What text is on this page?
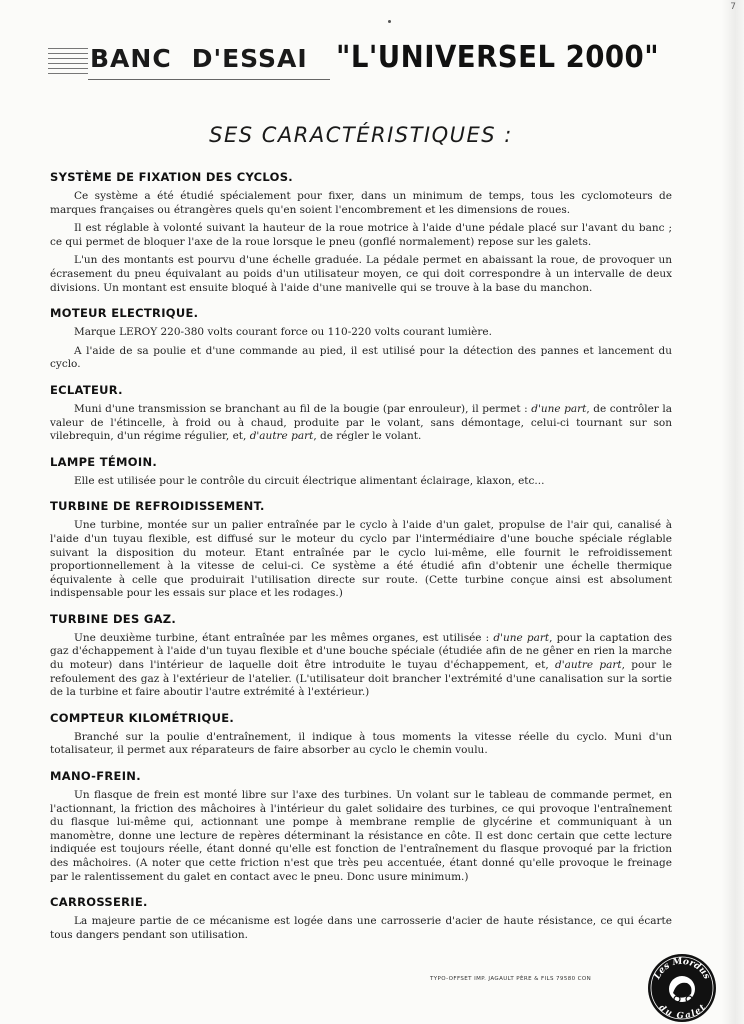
7
BANC D'ESSAI "L'UNIVERSEL 2000"
SES CARACTÉRISTIQUES :
SYSTÈME DE FIXATION DES CYCLOS.

Ce système a été étudié spécialement pour fixer, dans un minimum de temps, tous les cyclomoteurs de marques françaises ou étrangères quels qu'en soient l'encombrement et les dimensions de roues.

Il est réglable à volonté suivant la hauteur de la roue motrice à l'aide d'une pédale placé sur l'avant du banc ; ce qui permet de bloquer l'axe de la roue lorsque le pneu (gonflé normalement) repose sur les galets.

L'un des montants est pourvu d'une échelle graduée. La pédale permet en abaissant la roue, de provoquer un écrasement du pneu équivalant au poids d'un utilisateur moyen, ce qui doit correspondre à un intervalle de deux divisions. Un montant est ensuite bloqué à l'aide d'une manivelle qui se trouve à la base du manchon.

MOTEUR ELECTRIQUE.

Marque LEROY 220-380 volts courant force ou 110-220 volts courant lumière.

A l'aide de sa poulie et d'une commande au pied, il est utilisé pour la détection des pannes et lancement du cyclo.

ECLATEUR.

Muni d'une transmission se branchant au fil de la bougie (par enrouleur), il permet : d'une part, de contrôler la valeur de l'étincelle, à froid ou à chaud, produite par le volant, sans démontage, celui-ci tournant sur son vilebrequin, d'un régime régulier, et, d'autre part, de régler le volant.

LAMPE TÉMOIN.

Elle est utilisée pour le contrôle du circuit électrique alimentant éclairage, klaxon, etc...

TURBINE DE REFROIDISSEMENT.

Une turbine, montée sur un palier entraînée par le cyclo à l'aide d'un galet, propulse de l'air qui, canalisé à l'aide d'un tuyau flexible, est diffusé sur le moteur du cyclo par l'intermédiaire d'une bouche spéciale réglable suivant la disposition du moteur. Etant entraînée par le cyclo lui-même, elle fournit le refroidissement proportionnellement à la vitesse de celui-ci. Ce système a été étudié afin d'obtenir une échelle thermique équivalente à celle que produirait l'utilisation directe sur route. (Cette turbine conçue ainsi est absolument indispensable pour les essais sur place et les rodages.)

TURBINE DES GAZ.

Une deuxième turbine, étant entraînée par les mêmes organes, est utilisée : d'une part, pour la captation des gaz d'échappement à l'aide d'un tuyau flexible et d'une bouche spéciale (étudiée afin de ne gêner en rien la marche du moteur) dans l'intérieur de laquelle doit être introduite le tuyau d'échappement, et, d'autre part, pour le refoulement des gaz à l'extérieur de l'atelier. (L'utilisateur doit brancher l'extrémité d'une canalisation sur la sortie de la turbine et faire aboutir l'autre extrémité à l'extérieur.)

COMPTEUR KILOMÉTRIQUE.

Branché sur la poulie d'entraînement, il indique à tous moments la vitesse réelle du cyclo. Muni d'un totalisateur, il permet aux réparateurs de faire absorber au cyclo le chemin voulu.

MANO-FREIN.

Un flasque de frein est monté libre sur l'axe des turbines. Un volant sur le tableau de commande permet, en l'actionnant, la friction des mâchoires à l'intérieur du galet solidaire des turbines, ce qui provoque l'entraînement du flasque lui-même qui, actionnant une pompe à membrane remplie de glycérine et communiquant à un manomètre, donne une lecture de repères déterminant la résistance en côte. Il est donc certain que cette lecture indiquée est toujours réelle, étant donné qu'elle est fonction de l'entraînement du flasque provoqué par la friction des mâchoires. (A noter que cette friction n'est que très peu accentuée, étant donné qu'elle provoque le freinage par le ralentissement du galet en contact avec le pneu. Donc usure minimum.)

CARROSSERIE.

La majeure partie de ce mécanisme est logée dans une carrosserie d'acier de haute résistance, ce qui écarte tous dangers pendant son utilisation.

TYPO-OFFSET IMP. JAGAULT PÈRE & FILS 79580 CON	Les Mordus
du Galet
